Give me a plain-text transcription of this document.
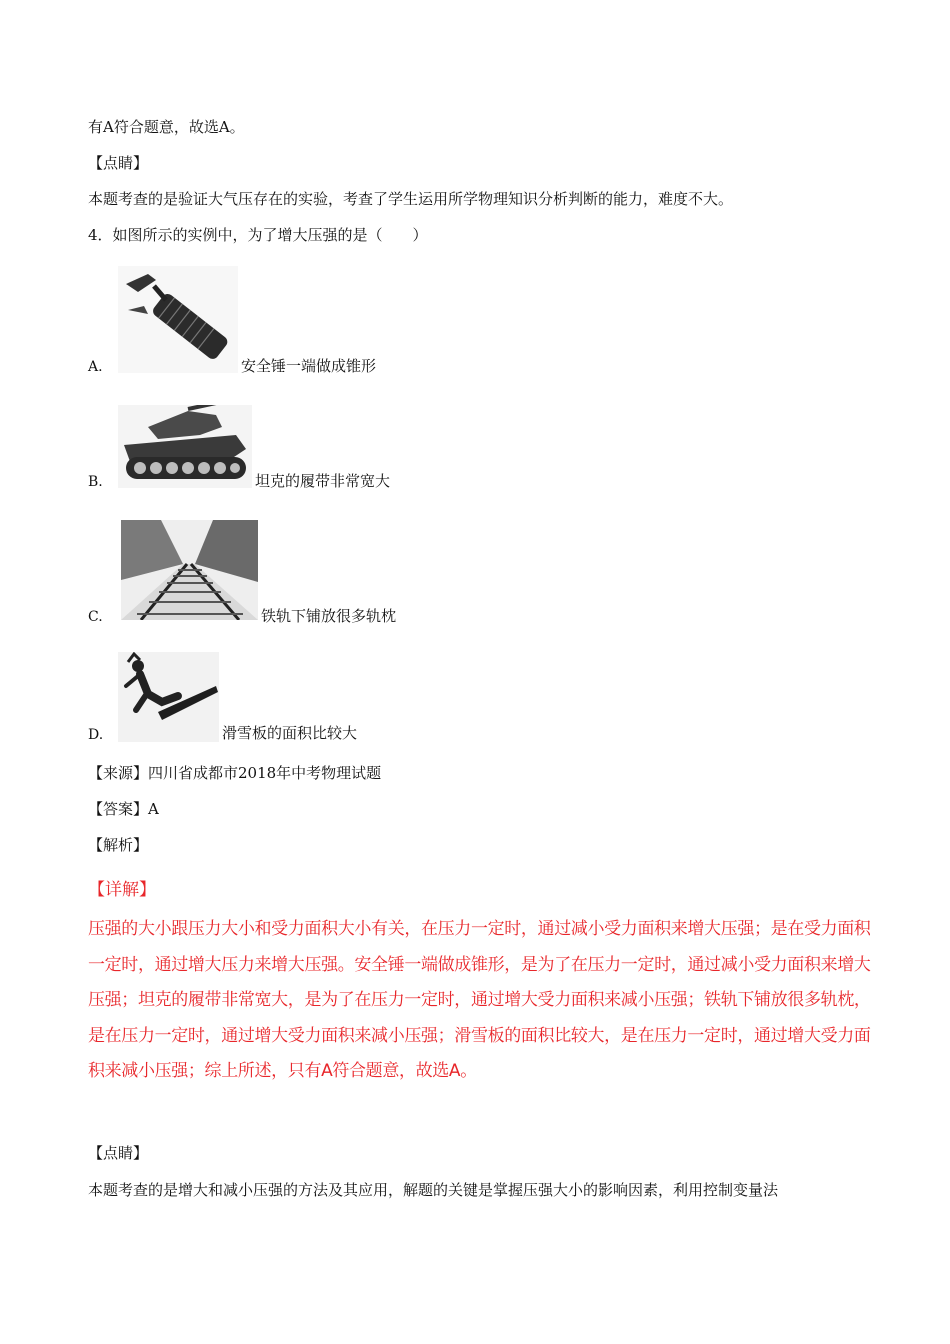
有A符合题意，故选A。
【点睛】
本题考查的是验证大气压存在的实验，考查了学生运用所学物理知识分析判断的能力，难度不大。
4．如图所示的实例中，为了增大压强的是（　　）
A.	安全锤一端做成锥形
B.	坦克的履带非常宽大
C.	铁轨下铺放很多轨枕
D.	滑雪板的面积比较大
【来源】四川省成都市2018年中考物理试题
【答案】A
【解析】
【详解】
压强的大小跟压力大小和受力面积大小有关，在压力一定时，通过减小受力面积来增大压强；是在受力面积一定时，通过增大压力来增大压强。安全锤一端做成锥形，是为了在压力一定时，通过减小受力面积来增大压强；坦克的履带非常宽大，是为了在压力一定时，通过增大受力面积来减小压强；铁轨下铺放很多轨枕，是在压力一定时，通过增大受力面积来减小压强；滑雪板的面积比较大，是在压力一定时，通过增大受力面积来减小压强；综上所述，只有A符合题意，故选A。
【点睛】
本题考查的是增大和减小压强的方法及其应用，解题的关键是掌握压强大小的影响因素，利用控制变量法
